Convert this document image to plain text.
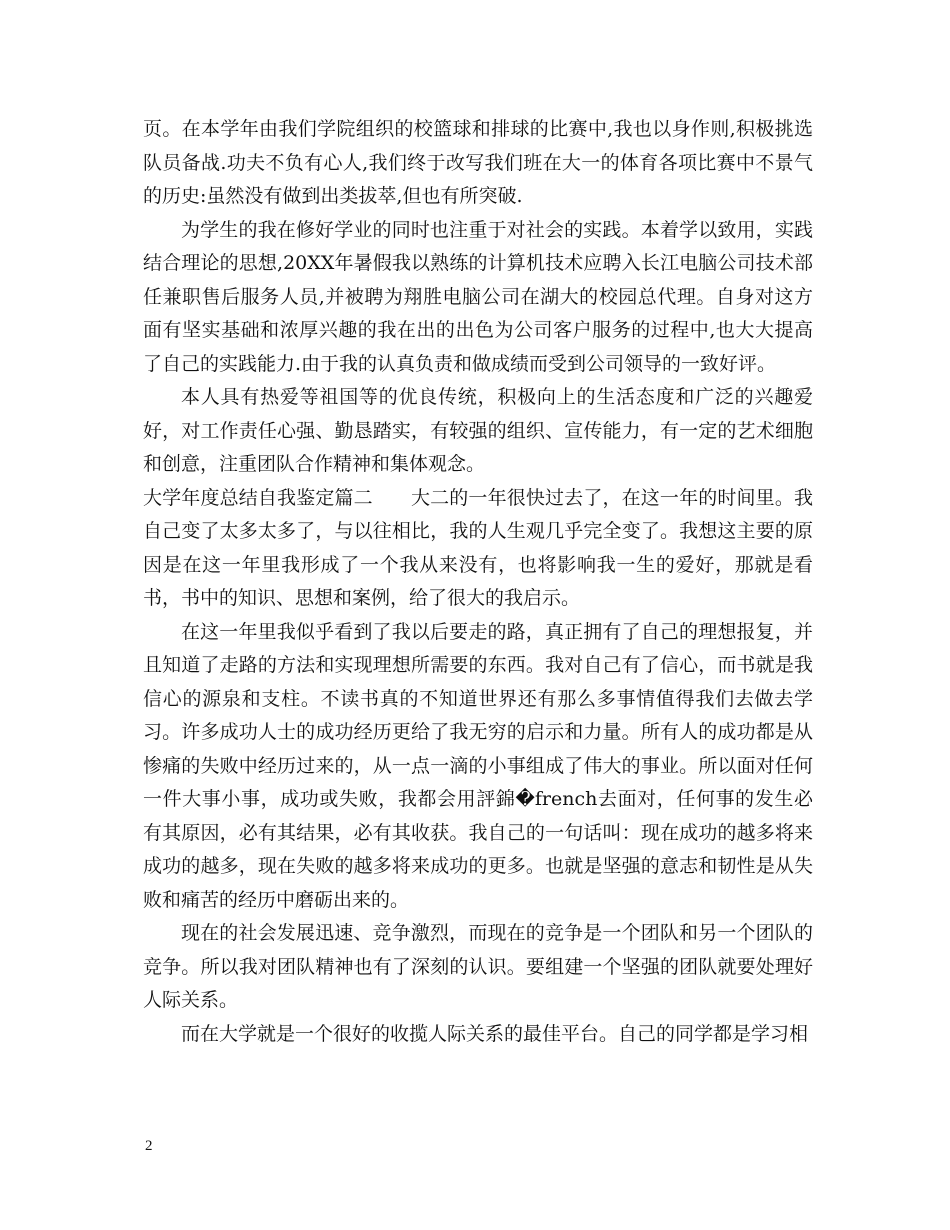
页。在本学年由我们学院组织的校篮球和排球的比赛中,我也以身作则,积极挑选队员备战.功夫不负有心人,我们终于改写我们班在大一的体育各项比赛中不景气的历史:虽然没有做到出类拔萃,但也有所突破.

为学生的我在修好学业的同时也注重于对社会的实践。本着学以致用，实践结合理论的思想,20XX年暑假我以熟练的计算机技术应聘入长江电脑公司技术部任兼职售后服务人员,并被聘为翔胜电脑公司在湖大的校园总代理。自身对这方面有坚实基础和浓厚兴趣的我在出的出色为公司客户服务的过程中,也大大提高了自己的实践能力.由于我的认真负责和做成绩而受到公司领导的一致好评。

本人具有热爱等祖国等的优良传统，积极向上的生活态度和广泛的兴趣爱好，对工作责任心强、勤恳踏实，有较强的组织、宣传能力，有一定的艺术细胞和创意，注重团队合作精神和集体观念。

大学年度总结自我鉴定篇二 大二的一年很快过去了，在这一年的时间里。我自己变了太多太多了，与以往相比，我的人生观几乎完全变了。我想这主要的原因是在这一年里我形成了一个我从来没有，也将影响我一生的爱好，那就是看书，书中的知识、思想和案例，给了很大的我启示。

在这一年里我似乎看到了我以后要走的路，真正拥有了自己的理想报复，并且知道了走路的方法和实现理想所需要的东西。我对自己有了信心，而书就是我信心的源泉和支柱。不读书真的不知道世界还有那么多事情值得我们去做去学习。许多成功人士的成功经历更给了我无穷的启示和力量。所有人的成功都是从惨痛的失败中经历过来的，从一点一滴的小事组成了伟大的事业。所以面对任何一件大事小事，成功或失败，我都会用評錦�french去面对，任何事的发生必有其原因，必有其结果，必有其收获。我自己的一句话叫：现在成功的越多将来成功的越多，现在失败的越多将来成功的更多。也就是坚强的意志和韧性是从失败和痛苦的经历中磨砺出来的。

现在的社会发展迅速、竞争激烈，而现在的竞争是一个团队和另一个团队的竞争。所以我对团队精神也有了深刻的认识。要组建一个坚强的团队就要处理好人际关系。

而在大学就是一个很好的收揽人际关系的最佳平台。自己的同学都是学习相

2
